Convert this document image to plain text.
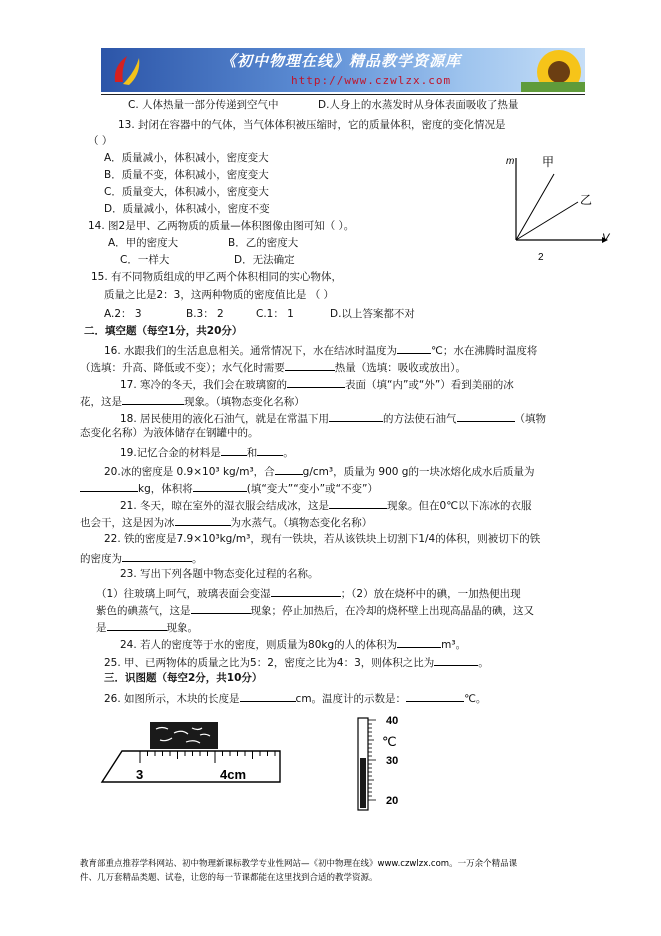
《初中物理在线》精品教学资源库
http://www.czwlzx.com
C. 人体热量一部分传递到空气中	D.人身上的水蒸发时从身体表面吸收了热量
13. 封闭在容器中的气体，当气体体积被压缩时，它的质量体积，密度的变化情况是
（ ）
A．质量减小，体积减小，密度变大
B．质量不变，体积减小，密度变大
C．质量变大，体积减小，密度变大
D．质量减小，体积减小，密度不变
14. 图2是甲、乙两物质的质量—体积图像由图可知（ ）。
A．甲的密度大	B．乙的密度大
C．一样大	D．无法确定
15. 有不同物质组成的甲乙两个体积相同的实心物体，
质量之比是2：3，这两种物质的密度值比是 （ ）
A.2： 3	B.3： 2	C.1： 1	D.以上答案都不对
m
V
甲
乙
2
二．填空题（每空1分，共20分）
16. 水跟我们的生活息息相关。通常情况下，水在结冰时温度为	℃；水在沸腾时温度将
（选填：升高、降低或不变）；水气化时需要	热量（选填：吸收或放出）。
17. 寒冷的冬天，我们会在玻璃窗的	表面（填“内”或“外”）看到美丽的冰
花，这是	现象。（填物态变化名称）
18. 居民使用的液化石油气，就是在常温下用	的方法使石油气	（填物
态变化名称）为液体储存在钢罐中的。
19.记忆合金的材料是 和 。
20.冰的密度是 0.9×10³ kg/m³，合	g/cm³，质量为 900 g的一块冰熔化成水后质量为
kg，体积将	(填“变大”“变小”或“不变”）
21. 冬天，晾在室外的湿衣服会结成冰，这是	现象。但在0℃以下冻冰的衣服
也会干，这是因为冰	为水蒸气。（填物态变化名称）
22. 铁的密度是7.9×10³kg/m³，现有一铁块，若从该铁块上切割下1/4的体积，则被切下的铁
的密度为	。
23. 写出下列各题中物态变化过程的名称。
（1）往玻璃上呵气，玻璃表面会变湿	；（2）放在烧杯中的碘，一加热便出现
紫色的碘蒸气，这是	现象；停止加热后，在冷却的烧杯壁上出现高晶晶的碘，这又
是	现象。
24. 若人的密度等于水的密度，则质量为80kg的人的体积为	m³。
25. 甲、已两物体的质量之比为5：2，密度之比为4：3，则体积之比为	。
三．识图题（每空2分，共10分）
26. 如图所示，木块的长度是	cm。温度计的示数是：	℃。
3	4cm
40
℃
30
20
教育部重点推荐学科网站、初中物理新课标教学专业性网站—《初中物理在线》www.czwlzx.com。一万余个精品课
件、几万套精品类题、试卷，让您的每一节课都能在这里找到合适的教学资源。
